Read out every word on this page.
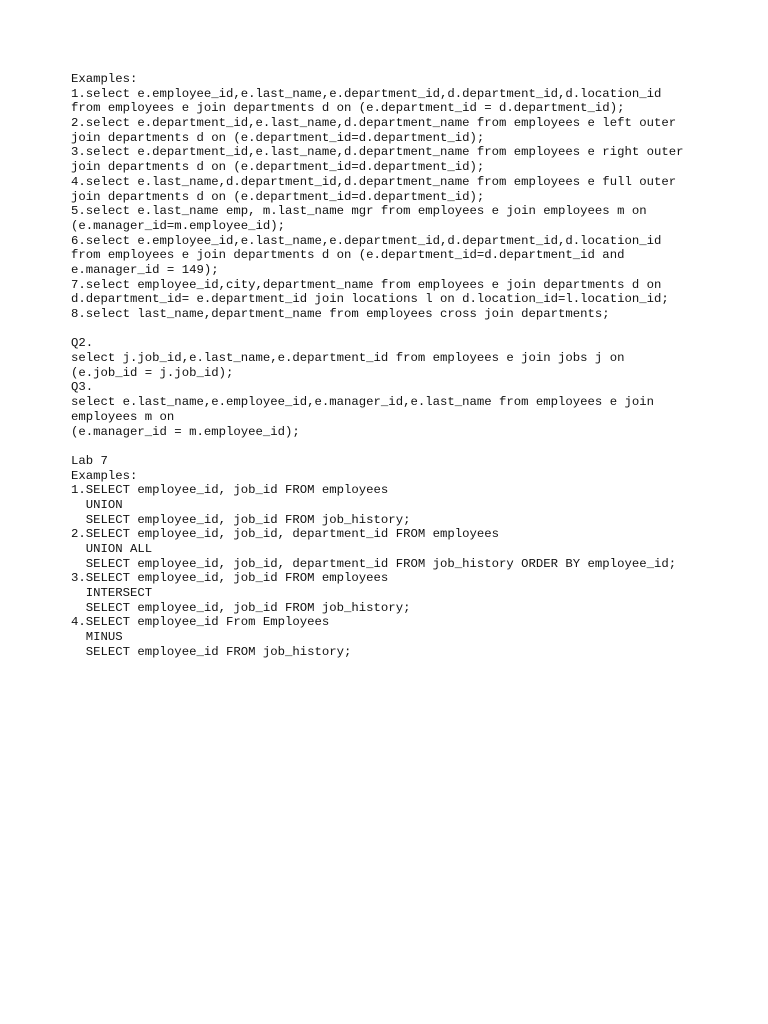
Examples:
1.select e.employee_id,e.last_name,e.department_id,d.department_id,d.location_id
from employees e join departments d on (e.department_id = d.department_id);
2.select e.department_id,e.last_name,d.department_name from employees e left outer
join departments d on (e.department_id=d.department_id);
3.select e.department_id,e.last_name,d.department_name from employees e right outer
join departments d on (e.department_id=d.department_id);
4.select e.last_name,d.department_id,d.department_name from employees e full outer
join departments d on (e.department_id=d.department_id);
5.select e.last_name emp, m.last_name mgr from employees e join employees m on
(e.manager_id=m.employee_id);
6.select e.employee_id,e.last_name,e.department_id,d.department_id,d.location_id
from employees e join departments d on (e.department_id=d.department_id and
e.manager_id = 149);
7.select employee_id,city,department_name from employees e join departments d on
d.department_id= e.department_id join locations l on d.location_id=l.location_id;
8.select last_name,department_name from employees cross join departments;
Q2.
select j.job_id,e.last_name,e.department_id from employees e join jobs j on
(e.job_id = j.job_id);
Q3.
select e.last_name,e.employee_id,e.manager_id,e.last_name from employees e join
employees m on
(e.manager_id = m.employee_id);
Lab 7
Examples:
1.SELECT employee_id, job_id FROM employees
UNION
SELECT employee_id, job_id FROM job_history;
2.SELECT employee_id, job_id, department_id FROM employees
UNION ALL
SELECT employee_id, job_id, department_id FROM job_history ORDER BY employee_id;
3.SELECT employee_id, job_id FROM employees
INTERSECT
SELECT employee_id, job_id FROM job_history;
4.SELECT employee_id From Employees
MINUS
SELECT employee_id FROM job_history;
